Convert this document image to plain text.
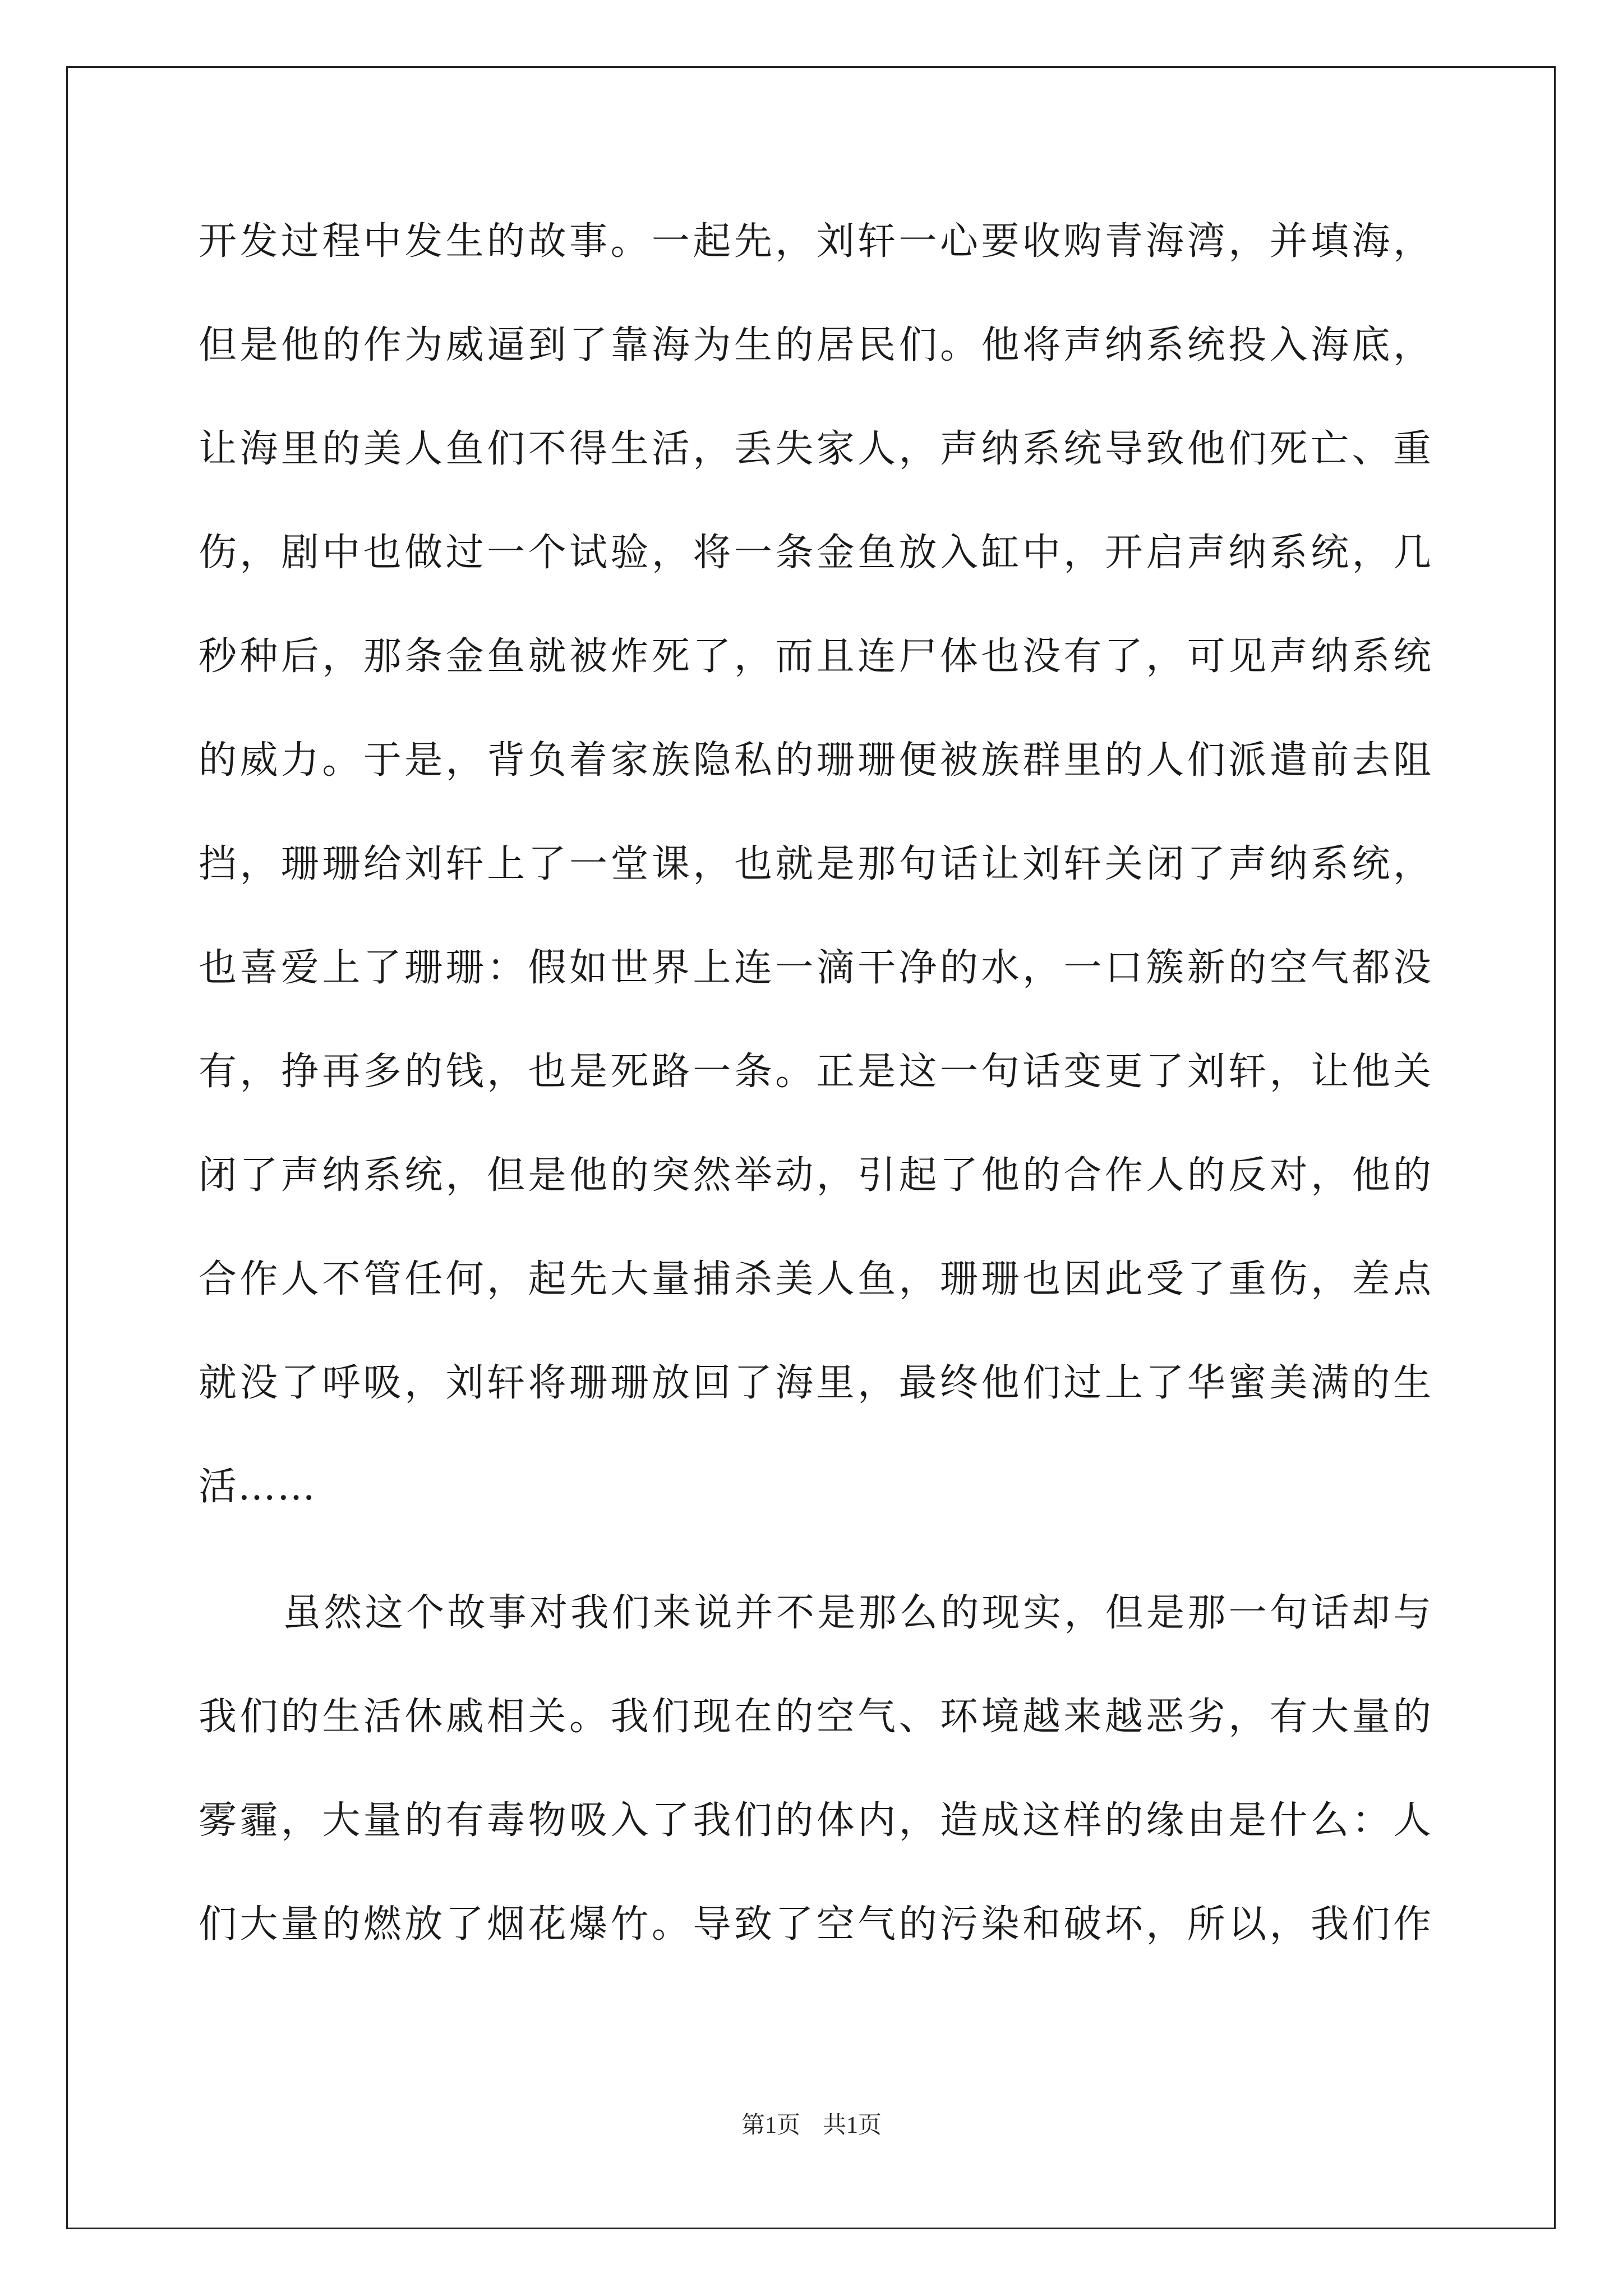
开发过程中发生的故事。一起先，刘轩一心要收购青海湾，并填海，
但是他的作为威逼到了靠海为生的居民们。他将声纳系统投入海底，
让海里的美人鱼们不得生活，丢失家人，声纳系统导致他们死亡、重
伤，剧中也做过一个试验，将一条金鱼放入缸中，开启声纳系统，几
秒种后，那条金鱼就被炸死了，而且连尸体也没有了，可见声纳系统
的威力。于是，背负着家族隐私的珊珊便被族群里的人们派遣前去阻
挡，珊珊给刘轩上了一堂课，也就是那句话让刘轩关闭了声纳系统，
也喜爱上了珊珊：假如世界上连一滴干净的水，一口簇新的空气都没
有，挣再多的钱，也是死路一条。正是这一句话变更了刘轩，让他关
闭了声纳系统，但是他的突然举动，引起了他的合作人的反对，他的
合作人不管任何，起先大量捕杀美人鱼，珊珊也因此受了重伤，差点
就没了呼吸，刘轩将珊珊放回了海里，最终他们过上了华蜜美满的生
活……
虽然这个故事对我们来说并不是那么的现实，但是那一句话却与
我们的生活休戚相关。我们现在的空气、环境越来越恶劣，有大量的
雾霾，大量的有毒物吸入了我们的体内，造成这样的缘由是什么：人
们大量的燃放了烟花爆竹。导致了空气的污染和破坏，所以，我们作
第1页 共1页
